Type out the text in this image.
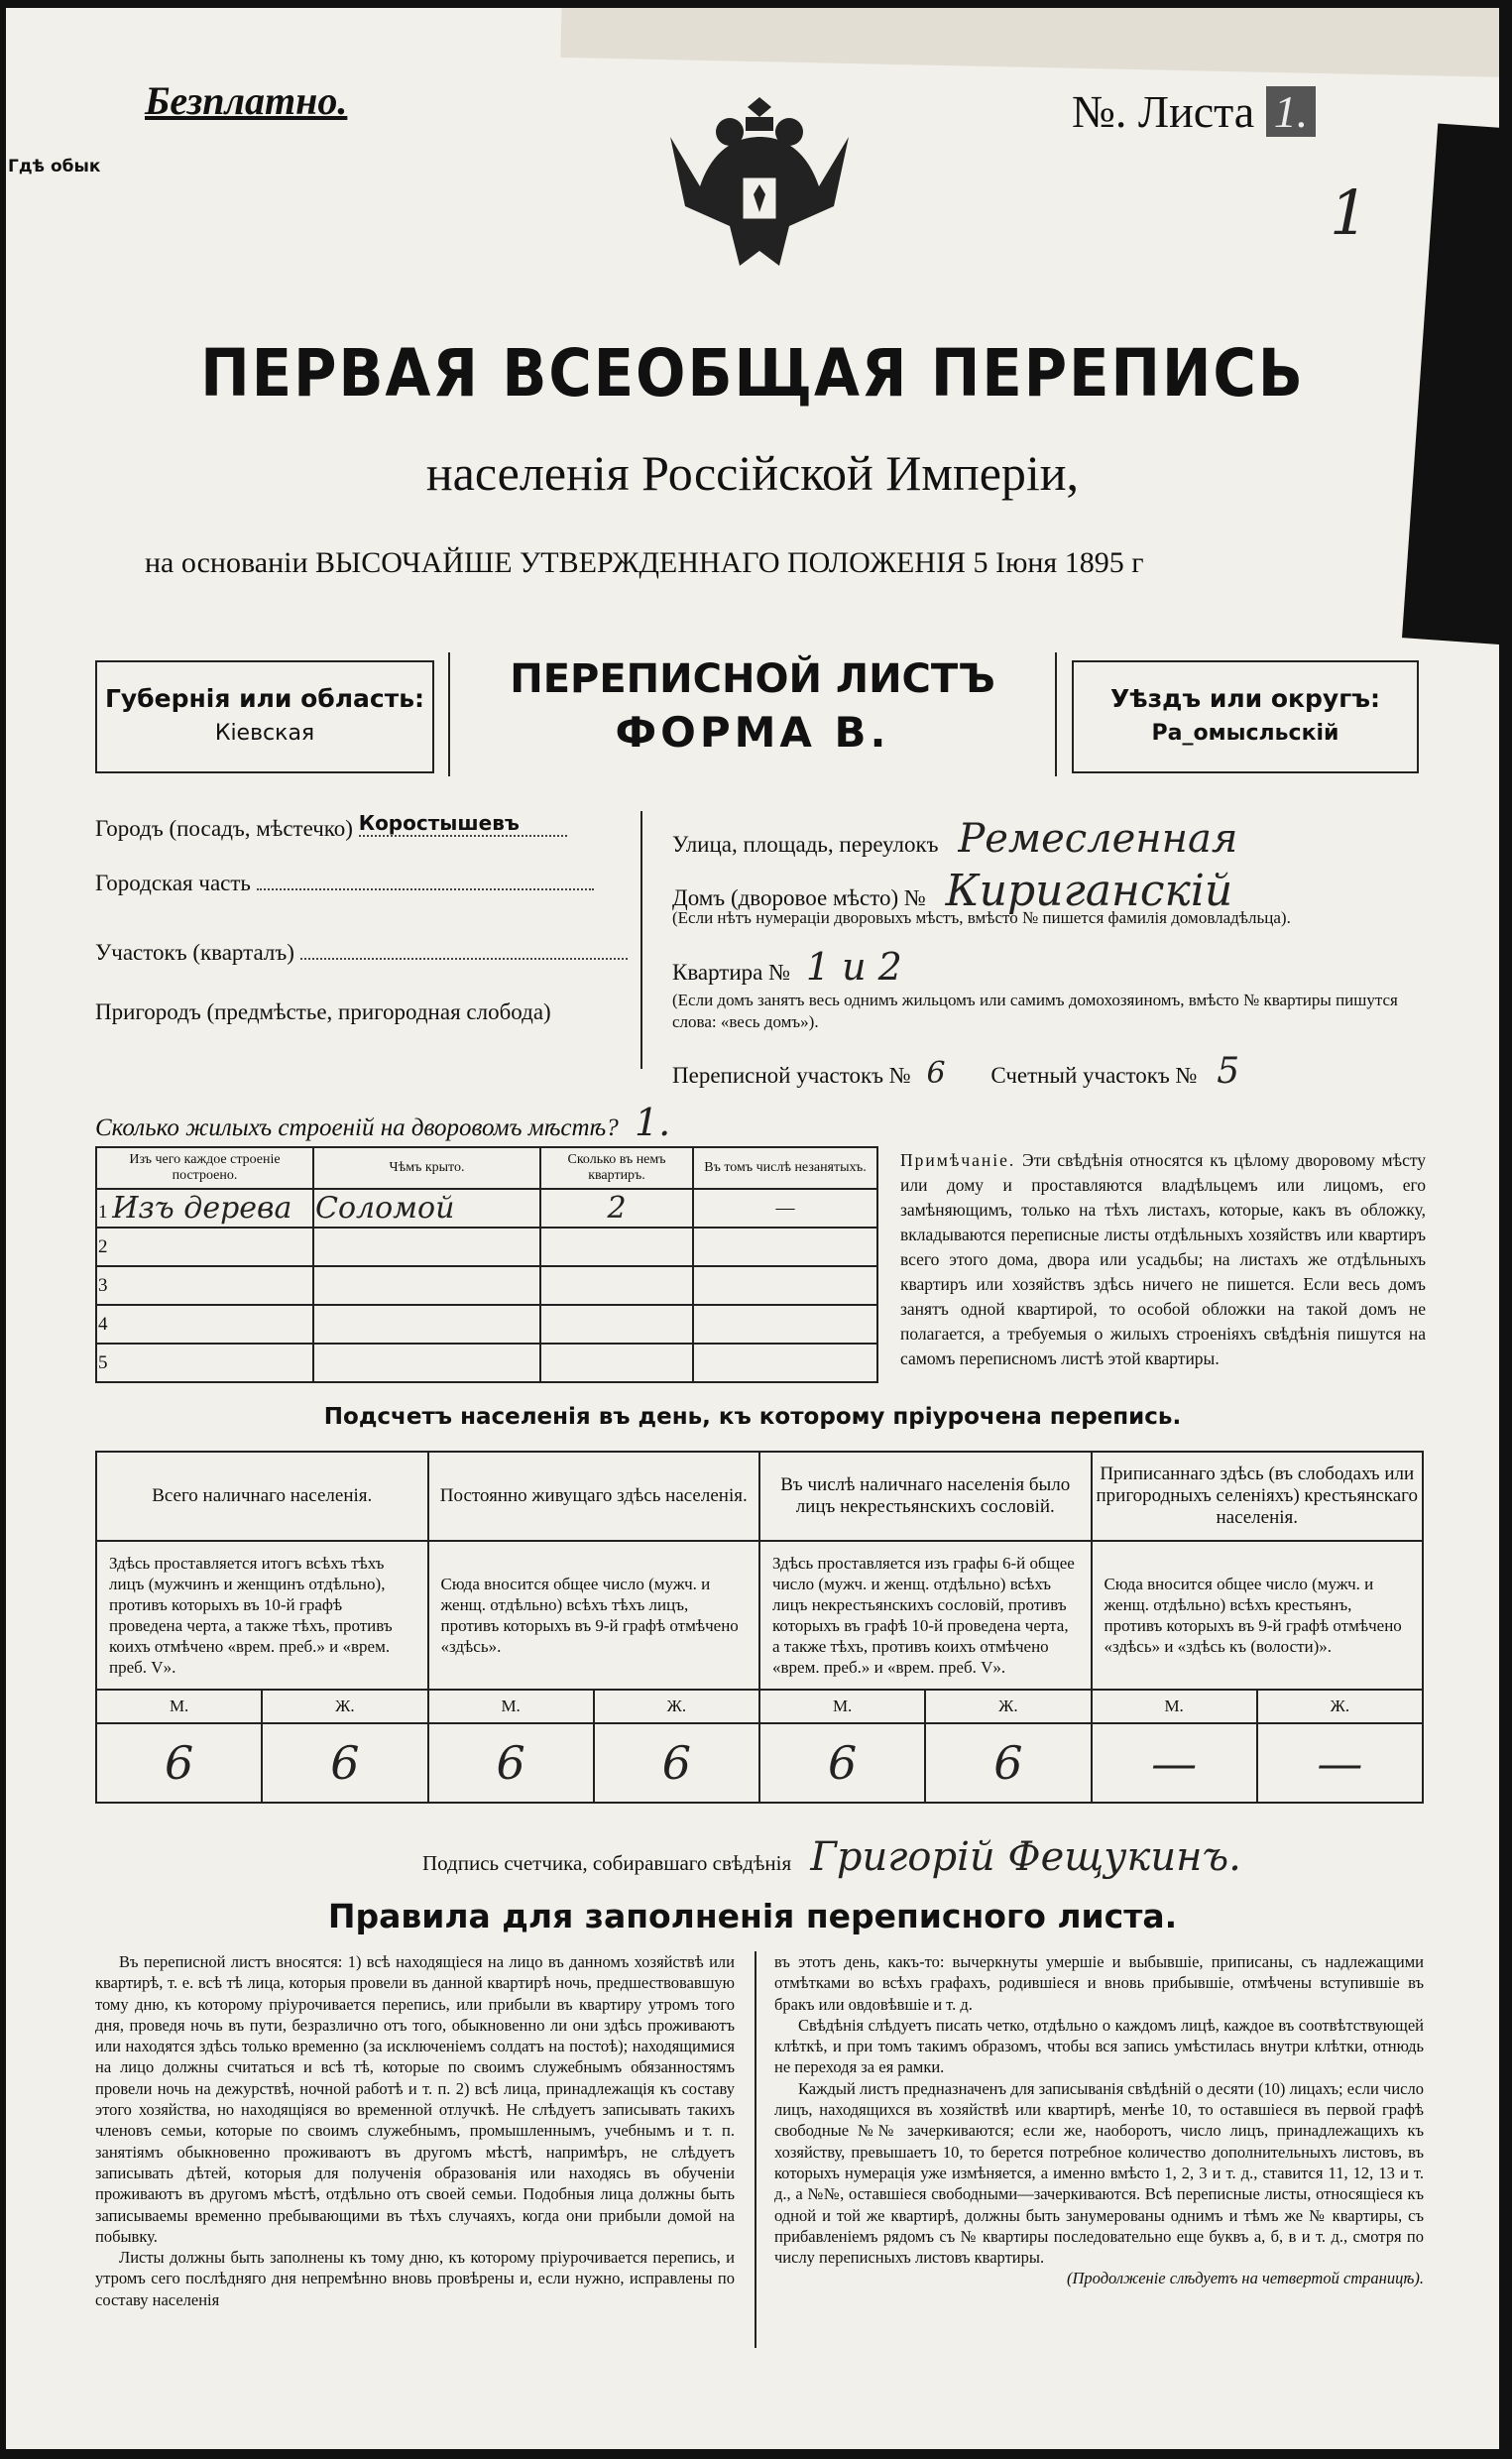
Безплатно.
Гдѣ обык
№. Листа 1.
1
ПЕРВАЯ ВСЕОБЩАЯ ПЕРЕПИСЬ
населенія Россійской Имперіи,
на основаніи ВЫСОЧАЙШЕ УТВЕРЖДЕННАГО ПОЛОЖЕНІЯ 5 Іюня 1895 г
Губернія или область:
Кіевская
ПЕРЕПИСНОЙ ЛИСТЪ
ФОРМА В.
Уѣздъ или округъ:
Ра_омысльскій
Городъ (посадъ, мѣстечко) Коростышевъ
Городская часть
Участокъ (кварталъ)
Пригородъ (предмѣстье, пригородная слобода)
Улица, площадь, переулокъ Ремесленная
Домъ (дворовое мѣсто) № Кириганскій
(Если нѣтъ нумераціи дворовыхъ мѣстъ, вмѣсто № пишется фамилія домовладѣльца).
Квартира № 1 и 2
(Если домъ занятъ весь однимъ жильцомъ или самимъ домохозяиномъ, вмѣсто № квартиры пишутся слова: «весь домъ»).
Переписной участокъ № 6 Счетный участокъ № 5
Сколько жилыхъ строеній на дворовомъ мѣстѣ? 1.
Изъ чего каждое строеніе построено.	Чѣмъ крыто.	Сколько въ немъ квартиръ.	Въ томъ числѣ незанятыхъ.
1 Изъ дерева	Соломой	2	—
2			
3			
4			
5			
Примѣчаніе. Эти свѣдѣнія относятся къ цѣлому дворовому мѣсту или дому и проставляются владѣльцемъ или лицомъ, его замѣняющимъ, только на тѣхъ листахъ, которые, какъ въ обложку, вкладываются переписные листы отдѣльныхъ хозяйствъ или квартиръ всего этого дома, двора или усадьбы; на листахъ же отдѣльныхъ квартиръ или хозяйствъ здѣсь ничего не пишется. Если весь домъ занятъ одной квартирой, то особой обложки на такой домъ не полагается, а требуемыя о жилыхъ строеніяхъ свѣдѣнія пишутся на самомъ переписномъ листѣ этой квартиры.
Подсчетъ населенія въ день, къ которому пріурочена перепись.
Всего наличнаго населенія.		Постоянно живущаго здѣсь населенія.		Въ числѣ наличнаго населенія было лицъ некрестьянскихъ сословій.		Приписаннаго здѣсь (въ слободахъ или пригородныхъ селеніяхъ) крестьянскаго населенія.	
Здѣсь проставляется итогъ всѣхъ тѣхъ лицъ (мужчинъ и женщинъ отдѣльно), противъ которыхъ въ 10-й графѣ проведена черта, а также тѣхъ, противъ коихъ отмѣчено «врем. преб.» и «врем. преб. V».		Сюда вносится общее число (мужч. и женщ. отдѣльно) всѣхъ тѣхъ лицъ, противъ которыхъ въ 9-й графѣ отмѣчено «здѣсь».		Здѣсь проставляется изъ графы 6-й общее число (мужч. и женщ. отдѣльно) всѣхъ лицъ некрестьянскихъ сословій, противъ которыхъ въ графѣ 10-й проведена черта, а также тѣхъ, противъ коихъ отмѣчено «врем. преб.» и «врем. преб. V».		Сюда вносится общее число (мужч. и женщ. отдѣльно) всѣхъ крестьянъ, противъ которыхъ въ 9-й графѣ отмѣчено «здѣсь» и «здѣсь къ (волости)».	
М.	Ж.	М.	Ж.	М.	Ж.	М.	Ж.
6	6	6	6	6	6	—	—
Подпись счетчика, собиравшаго свѣдѣнія Григорій Фещукинъ.
Правила для заполненія переписного листа.
Въ переписной листъ вносятся: 1) всѣ находящіеся на лицо въ данномъ хозяйствѣ или квартирѣ, т. е. всѣ тѣ лица, которыя провели въ данной квартирѣ ночь, предшествовавшую тому дню, къ которому пріурочивается перепись, или прибыли въ квартиру утромъ того дня, проведя ночь въ пути, безразлично отъ того, обыкновенно ли они здѣсь проживаютъ или находятся здѣсь только временно (за исключеніемъ солдатъ на постоѣ); находящимися на лицо должны считаться и всѣ тѣ, которые по своимъ служебнымъ обязанностямъ провели ночь на дежурствѣ, ночной работѣ и т. п. 2) всѣ лица, принадлежащія къ составу этого хозяйства, но находящіяся во временной отлучкѣ. Не слѣдуетъ записывать такихъ членовъ семьи, которые по своимъ служебнымъ, промышленнымъ, учебнымъ и т. п. занятіямъ обыкновенно проживаютъ въ другомъ мѣстѣ, напримѣръ, не слѣдуетъ записывать дѣтей, которыя для полученія образованія или находясь въ обученіи проживаютъ въ другомъ мѣстѣ, отдѣльно отъ своей семьи. Подобныя лица должны быть записываемы временно пребывающими въ тѣхъ случаяхъ, когда они прибыли домой на побывку.
Листы должны быть заполнены къ тому дню, къ которому пріурочивается перепись, и утромъ сего послѣдняго дня непремѣнно вновь провѣрены и, если нужно, исправлены по составу населенія
въ этотъ день, какъ-то: вычеркнуты умершіе и выбывшіе, приписаны, съ надлежащими отмѣтками во всѣхъ графахъ, родившіеся и вновь прибывшіе, отмѣчены вступившіе въ бракъ или овдовѣвшіе и т. д.
Свѣдѣнія слѣдуетъ писать четко, отдѣльно о каждомъ лицѣ, каждое въ соотвѣтствующей клѣткѣ, и при томъ такимъ образомъ, чтобы вся запись умѣстилась внутри клѣтки, отнюдь не переходя за ея рамки.
Каждый листъ предназначенъ для записыванія свѣдѣній о десяти (10) лицахъ; если число лицъ, находящихся въ хозяйствѣ или квартирѣ, менѣе 10, то оставшіеся въ первой графѣ свободные №№ зачеркиваются; если же, наоборотъ, число лицъ, принадлежащихъ къ хозяйству, превышаетъ 10, то берется потребное количество дополнительныхъ листовъ, въ которыхъ нумерація уже измѣняется, а именно вмѣсто 1, 2, 3 и т. д., ставится 11, 12, 13 и т. д., а №№, оставшіеся свободными—зачеркиваются. Всѣ переписные листы, относящіеся къ одной и той же квартирѣ, должны быть занумерованы однимъ и тѣмъ же № квартиры, съ прибавленіемъ рядомъ съ № квартиры последовательно еще буквъ а, б, в и т. д., смотря по числу переписныхъ листовъ квартиры.
(Продолженіе слѣдуетъ на четвертой страницѣ).
